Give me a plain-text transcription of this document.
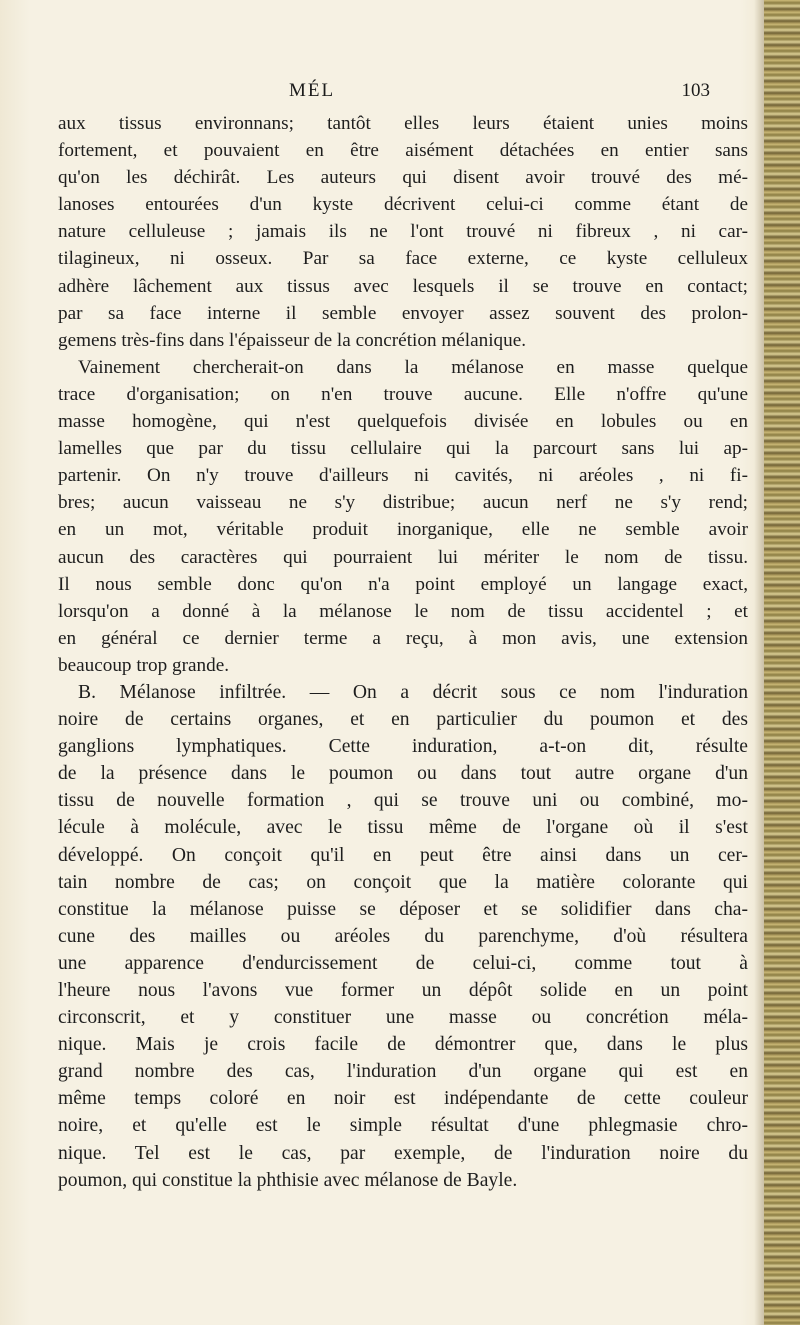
MÉL	103
aux tissus environnans; tantôt elles leurs étaient unies moins
fortement, et pouvaient en être aisément détachées en entier sans
qu'on les déchirât. Les auteurs qui disent avoir trouvé des mé-
lanoses entourées d'un kyste décrivent celui-ci comme étant de
nature celluleuse ; jamais ils ne l'ont trouvé ni fibreux , ni car-
tilagineux, ni osseux. Par sa face externe, ce kyste celluleux
adhère lâchement aux tissus avec lesquels il se trouve en contact;
par sa face interne il semble envoyer assez souvent des prolon-
gemens très-fins dans l'épaisseur de la concrétion mélanique.
Vainement chercherait-on dans la mélanose en masse quelque
trace d'organisation; on n'en trouve aucune. Elle n'offre qu'une
masse homogène, qui n'est quelquefois divisée en lobules ou en
lamelles que par du tissu cellulaire qui la parcourt sans lui ap-
partenir. On n'y trouve d'ailleurs ni cavités, ni aréoles , ni fi-
bres; aucun vaisseau ne s'y distribue; aucun nerf ne s'y rend;
en un mot, véritable produit inorganique, elle ne semble avoir
aucun des caractères qui pourraient lui mériter le nom de tissu.
Il nous semble donc qu'on n'a point employé un langage exact,
lorsqu'on a donné à la mélanose le nom de tissu accidentel ; et
en général ce dernier terme a reçu, à mon avis, une extension
beaucoup trop grande.
B. Mélanose infiltrée. — On a décrit sous ce nom l'induration
noire de certains organes, et en particulier du poumon et des
ganglions lymphatiques. Cette induration, a-t-on dit, résulte
de la présence dans le poumon ou dans tout autre organe d'un
tissu de nouvelle formation , qui se trouve uni ou combiné, mo-
lécule à molécule, avec le tissu même de l'organe où il s'est
développé. On conçoit qu'il en peut être ainsi dans un cer-
tain nombre de cas; on conçoit que la matière colorante qui
constitue la mélanose puisse se déposer et se solidifier dans cha-
cune des mailles ou aréoles du parenchyme, d'où résultera
une apparence d'endurcissement de celui-ci, comme tout à
l'heure nous l'avons vue former un dépôt solide en un point
circonscrit, et y constituer une masse ou concrétion méla-
nique. Mais je crois facile de démontrer que, dans le plus
grand nombre des cas, l'induration d'un organe qui est en
même temps coloré en noir est indépendante de cette couleur
noire, et qu'elle est le simple résultat d'une phlegmasie chro-
nique. Tel est le cas, par exemple, de l'induration noire du
poumon, qui constitue la phthisie avec mélanose de Bayle.
